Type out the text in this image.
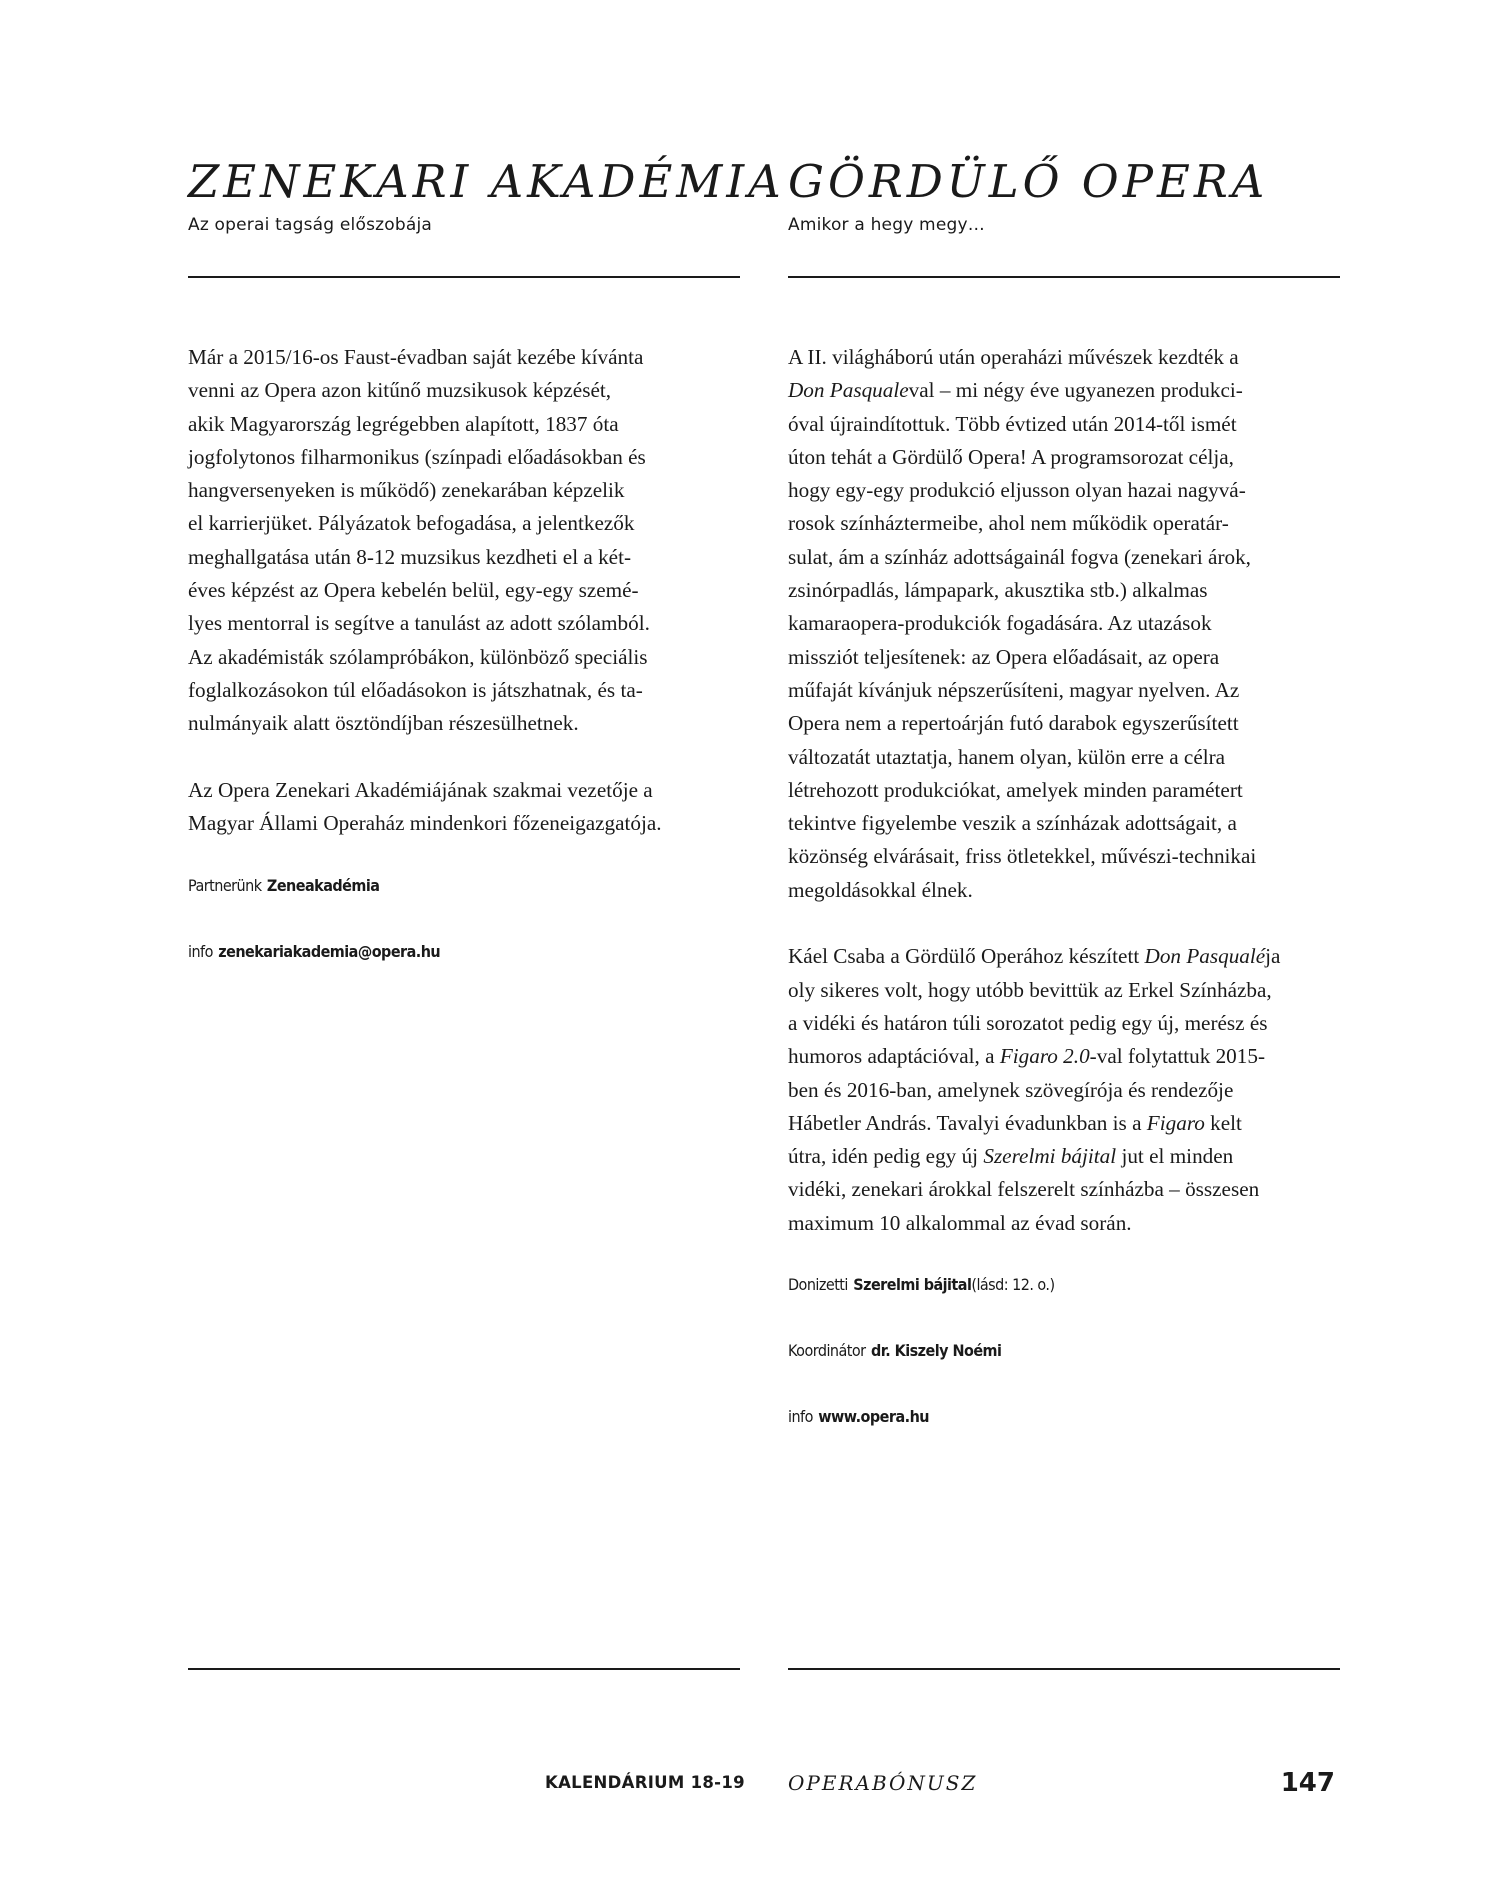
ZENEKARI AKADÉMIA

Az operai tagság előszobája

Már a 2015/16-os Faust-évadban saját kezébe kívánta
venni az Opera azon kitűnő muzsikusok képzését,
akik Magyarország legrégebben alapított, 1837 óta
jogfolytonos filharmonikus (színpadi előadásokban és
hangversenyeken is működő) zenekarában képzelik
el karrierjüket. Pályázatok befogadása, a jelentkezők
meghallgatása után 8-12 muzsikus kezdheti el a két-
éves képzést az Opera kebelén belül, egy-egy szemé-
lyes mentorral is segítve a tanulást az adott szólamból.
Az akadémisták szólampróbákon, különböző speciális
foglalkozásokon túl előadásokon is játszhatnak, és ta-
nulmányaik alatt ösztöndíjban részesülhetnek.

Az Opera Zenekari Akadémiájának szakmai vezetője a
Magyar Állami Operaház mindenkori főzeneigazgatója.

Partnerünk Zeneakadémia
info zenekariakademia@opera.hu
GÖRDÜLŐ OPERA

Amikor a hegy megy…

A II. világháború után operaházi művészek kezdték a
Don Pasqualeval – mi négy éve ugyanezen produkci-
óval újraindítottuk. Több évtized után 2014-től ismét
úton tehát a Gördülő Opera! A programsorozat célja,
hogy egy-egy produkció eljusson olyan hazai nagyvá-
rosok színháztermeibe, ahol nem működik operatár-
sulat, ám a színház adottságainál fogva (zenekari árok,
zsinórpadlás, lámpapark, akusztika stb.) alkalmas
kamaraopera-produkciók fogadására. Az utazások
missziót teljesítenek: az Opera előadásait, az opera
műfaját kívánjuk népszerűsíteni, magyar nyelven. Az
Opera nem a repertoárján futó darabok egyszerűsített
változatát utaztatja, hanem olyan, külön erre a célra
létrehozott produkciókat, amelyek minden paramétert
tekintve figyelembe veszik a színházak adottságait, a
közönség elvárásait, friss ötletekkel, művészi-technikai
megoldásokkal élnek.

Káel Csaba a Gördülő Operához készített Don Pasqualéja
oly sikeres volt, hogy utóbb bevittük az Erkel Színházba,
a vidéki és határon túli sorozatot pedig egy új, merész és
humoros adaptációval, a Figaro 2.0-val folytattuk 2015-
ben és 2016-ban, amelynek szövegírója és rendezője
Hábetler András. Tavalyi évadunkban is a Figaro kelt
útra, idén pedig egy új Szerelmi bájital jut el minden
vidéki, zenekari árokkal felszerelt színházba – összesen
maximum 10 alkalommal az évad során.

Donizetti Szerelmi bájital(lásd: 12. o.)
Koordinátor dr. Kiszely Noémi
info www.opera.hu
KALENDÁRIUM 18-19 OPERABÓNUSZ	147
